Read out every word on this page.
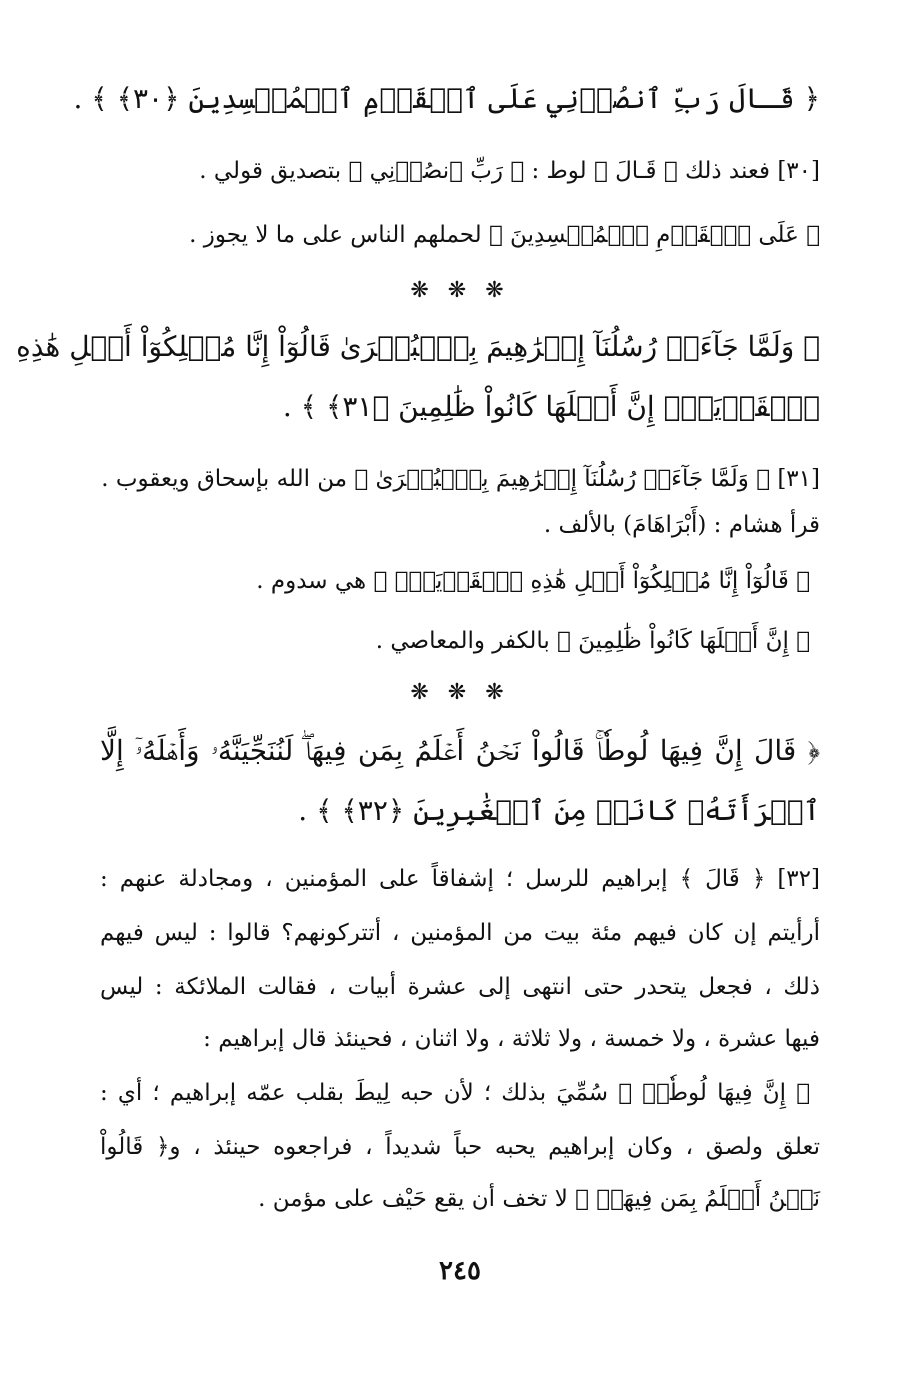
﴿ قَـالَ رَبِّ ٱنصُرۡنِي عَلَى ٱلۡقَوۡمِ ٱلۡمُفۡسِدِينَ ﴿٣٠﴾ ﴾ .
[٣٠] فعند ذلك ﴿ قَـالَ ﴾ لوط : ﴿ رَبِّ ٱنصُرۡنِي ﴾ بتصديق قولي .
﴿ عَلَى ٱلۡقَوۡمِ ٱلۡمُفۡسِدِينَ ﴾ لحملهم الناس على ما لا يجوز .
❋ ❋ ❋
﴿ وَلَمَّا جَآءَتۡ رُسُلُنَآ إِبۡرَٰهِيمَ بِٱلۡبُشۡرَىٰ قَالُوٓاْ إِنَّا مُهۡلِكُوٓاْ أَهۡلِ هَٰذِهِ
ٱلۡقَرۡيَةِۖ إِنَّ أَهۡلَهَا كَانُواْ ظَٰلِمِينَ ﴿٣١﴾ ﴾ .
[٣١] ﴿ وَلَمَّا جَآءَتۡ رُسُلُنَآ إِبۡرَٰهِيمَ بِٱلۡبُشۡرَىٰ ﴾ من الله بإسحاق ويعقوب .
قرأ هشام : (أَبْرَاهَامَ) بالألف .
﴿ قَالُوٓاْ إِنَّا مُهۡلِكُوٓاْ أَهۡلِ هَٰذِهِ ٱلۡقَرۡيَةِۖ ﴾ هي سدوم .
﴿ إِنَّ أَهۡلَهَا كَانُواْ ظَٰلِمِينَ ﴾ بالكفر والمعاصي .
❋ ❋ ❋
﴿ قَالَ إِنَّ فِيهَا لُوطٗاۚ قَالُواْ نَحۡنُ أَعۡلَمُ بِمَن فِيهَاۖ لَنُنَجِّيَنَّهُۥ وَأَهۡلَهُۥٓ إِلَّا
ٱمۡرَأَتَهُۥ كَانَتۡ مِنَ ٱلۡغَٰبِرِينَ ﴿٣٢﴾ ﴾ .
[٣٢] ﴿ قَالَ ﴾ إبراهيم للرسل ؛ إشفاقاً على المؤمنين ، ومجادلة عنهم :
أرأيتم إن كان فيهم مئة بيت من المؤمنين ، أتتركونهم؟ قالوا : ليس فيهم
ذلك ، فجعل يتحدر حتى انتهى إلى عشرة أبيات ، فقالت الملائكة : ليس
فيها عشرة ، ولا خمسة ، ولا ثلاثة ، ولا اثنان ، فحينئذ قال إبراهيم :
﴿ إِنَّ فِيهَا لُوطٗاۚ ﴾ سُمِّيَ بذلك ؛ لأن حبه لِيطَ بقلب عمّه إبراهيم ؛ أي :
تعلق ولصق ، وكان إبراهيم يحبه حباً شديداً ، فراجعوه حينئذ ، و﴿ قَالُواْ
نَحۡنُ أَعۡلَمُ بِمَن فِيهَاۖ ﴾ لا تخف أن يقع حَيْف على مؤمن .
٢٤٥
